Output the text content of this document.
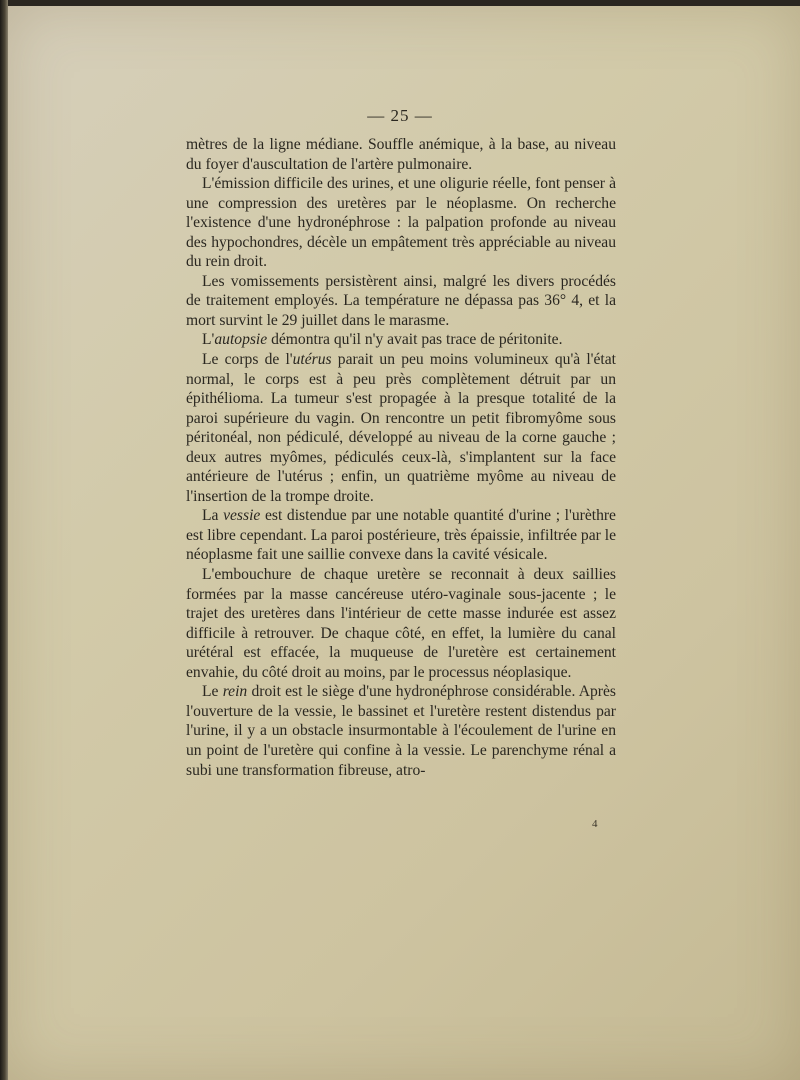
— 25 —

mètres de la ligne médiane. Souffle anémique, à la base, au niveau du foyer d'auscultation de l'artère pulmonaire.

L'émission difficile des urines, et une oligurie réelle, font penser à une compression des uretères par le néoplasme. On recherche l'existence d'une hydronéphrose : la palpation profonde au niveau des hypochondres, décèle un empâtement très appréciable au niveau du rein droit.

Les vomissements persistèrent ainsi, malgré les divers procédés de traitement employés. La température ne dépassa pas 36° 4, et la mort survint le 29 juillet dans le marasme.

L'autopsie démontra qu'il n'y avait pas trace de péritonite.

Le corps de l'utérus parait un peu moins volumineux qu'à l'état normal, le corps est à peu près complètement détruit par un épithélioma. La tumeur s'est propagée à la presque totalité de la paroi supérieure du vagin. On rencontre un petit fibromyôme sous péritonéal, non pédiculé, développé au niveau de la corne gauche ; deux autres myômes, pédiculés ceux-là, s'implantent sur la face antérieure de l'utérus ; enfin, un quatrième myôme au niveau de l'insertion de la trompe droite.

La vessie est distendue par une notable quantité d'urine ; l'urèthre est libre cependant. La paroi postérieure, très épaissie, infiltrée par le néoplasme fait une saillie convexe dans la cavité vésicale.

L'embouchure de chaque uretère se reconnait à deux saillies formées par la masse cancéreuse utéro-vaginale sous-jacente ; le trajet des uretères dans l'intérieur de cette masse indurée est assez difficile à retrouver. De chaque côté, en effet, la lumière du canal urétéral est effacée, la muqueuse de l'uretère est certainement envahie, du côté droit au moins, par le processus néoplasique.

Le rein droit est le siège d'une hydronéphrose considérable. Après l'ouverture de la vessie, le bassinet et l'uretère restent distendus par l'urine, il y a un obstacle insurmontable à l'écoulement de l'urine en un point de l'uretère qui confine à la vessie. Le parenchyme rénal a subi une transformation fibreuse, atro-

4
